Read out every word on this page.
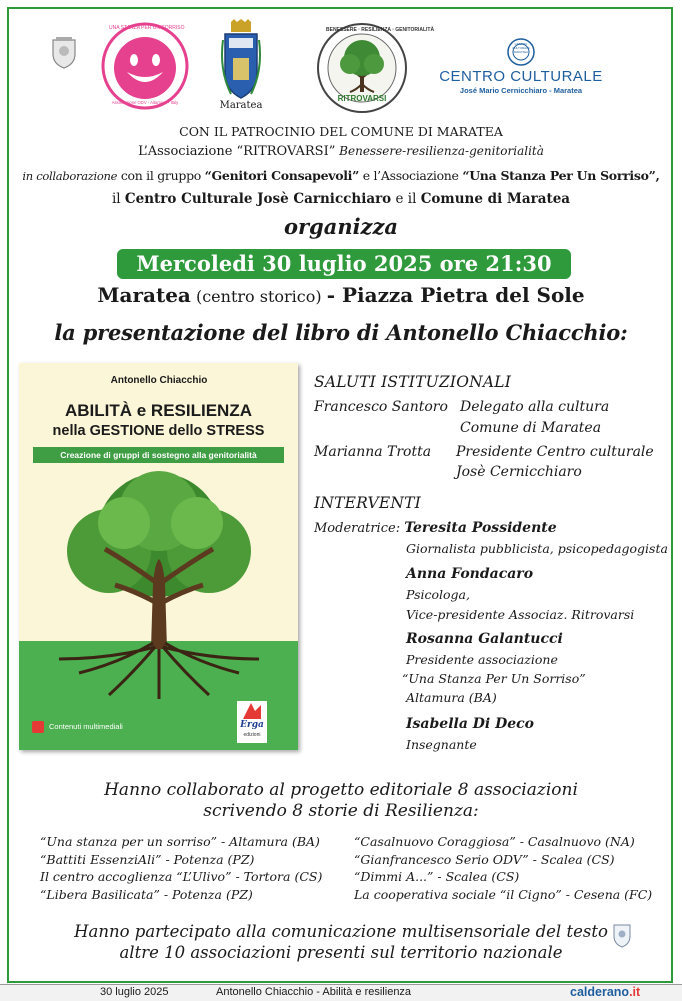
UNA STANZA PER UN SORRISO
Associazione ODV - Altamura - Italy	Maratea
BENESSERE · RESILIENZA · GENITORIALITÀ
RITROVARSI
CENTRO CULTURALE MARATEA
CENTRO CULTURALE
José Mario Cernicchiaro - Maratea
CON IL PATROCINIO DEL COMUNE DI MARATEA
L’Associazione “RITROVARSI” Benessere-resilienza-genitorialità
in collaborazione con il gruppo “Genitori Consapevoli” e l’Associazione “Una Stanza Per Un Sorriso”,
il Centro Culturale Josè Carnicchiaro e il Comune di Maratea
organizza
Mercoledi 30 luglio 2025 ore 21:30
Maratea (centro storico) - Piazza Pietra del Sole
la presentazione del libro di Antonello Chiacchio:
Antonello Chiacchio
ABILITÀ e RESILIENZA
nella GESTIONE dello STRESS
Creazione di gruppi di sostegno alla genitorialità
Contenuti multimediali	Erga
edizioni
SALUTI ISTITUZIONALI
Francesco Santoro Delegato alla cultura
Comune di Maratea
Marianna Trotta Presidente Centro culturale
Josè Cernicchiaro
INTERVENTI
Moderatrice: Teresita Possidente
Giornalista pubblicista, psicopedagogista
Anna Fondacaro
Psicologa,
Vice-presidente Associaz. Ritrovarsi
Rosanna Galantucci
Presidente associazione
“Una Stanza Per Un Sorriso”
Altamura (BA)
Isabella Di Deco
Insegnante
Hanno collaborato al progetto editoriale 8 associazioni
scrivendo 8 storie di Resilienza:
“Una stanza per un sorriso” - Altamura (BA)
“Battiti EssenziAli” - Potenza (PZ)
Il centro accoglienza “L’Ulivo” - Tortora (CS)
“Libera Basilicata” - Potenza (PZ)
“Casalnuovo Coraggiosa” - Casalnuovo (NA)
“Gianfrancesco Serio ODV” - Scalea (CS)
“Dimmi A...” - Scalea (CS)
La cooperativa sociale “il Cigno” - Cesena (FC)
Hanno partecipato alla comunicazione multisensoriale del testo
altre 10 associazioni presenti sul territorio nazionale
30 luglio 2025	Antonello Chiacchio - Abilità e resilienza	calderano.it
